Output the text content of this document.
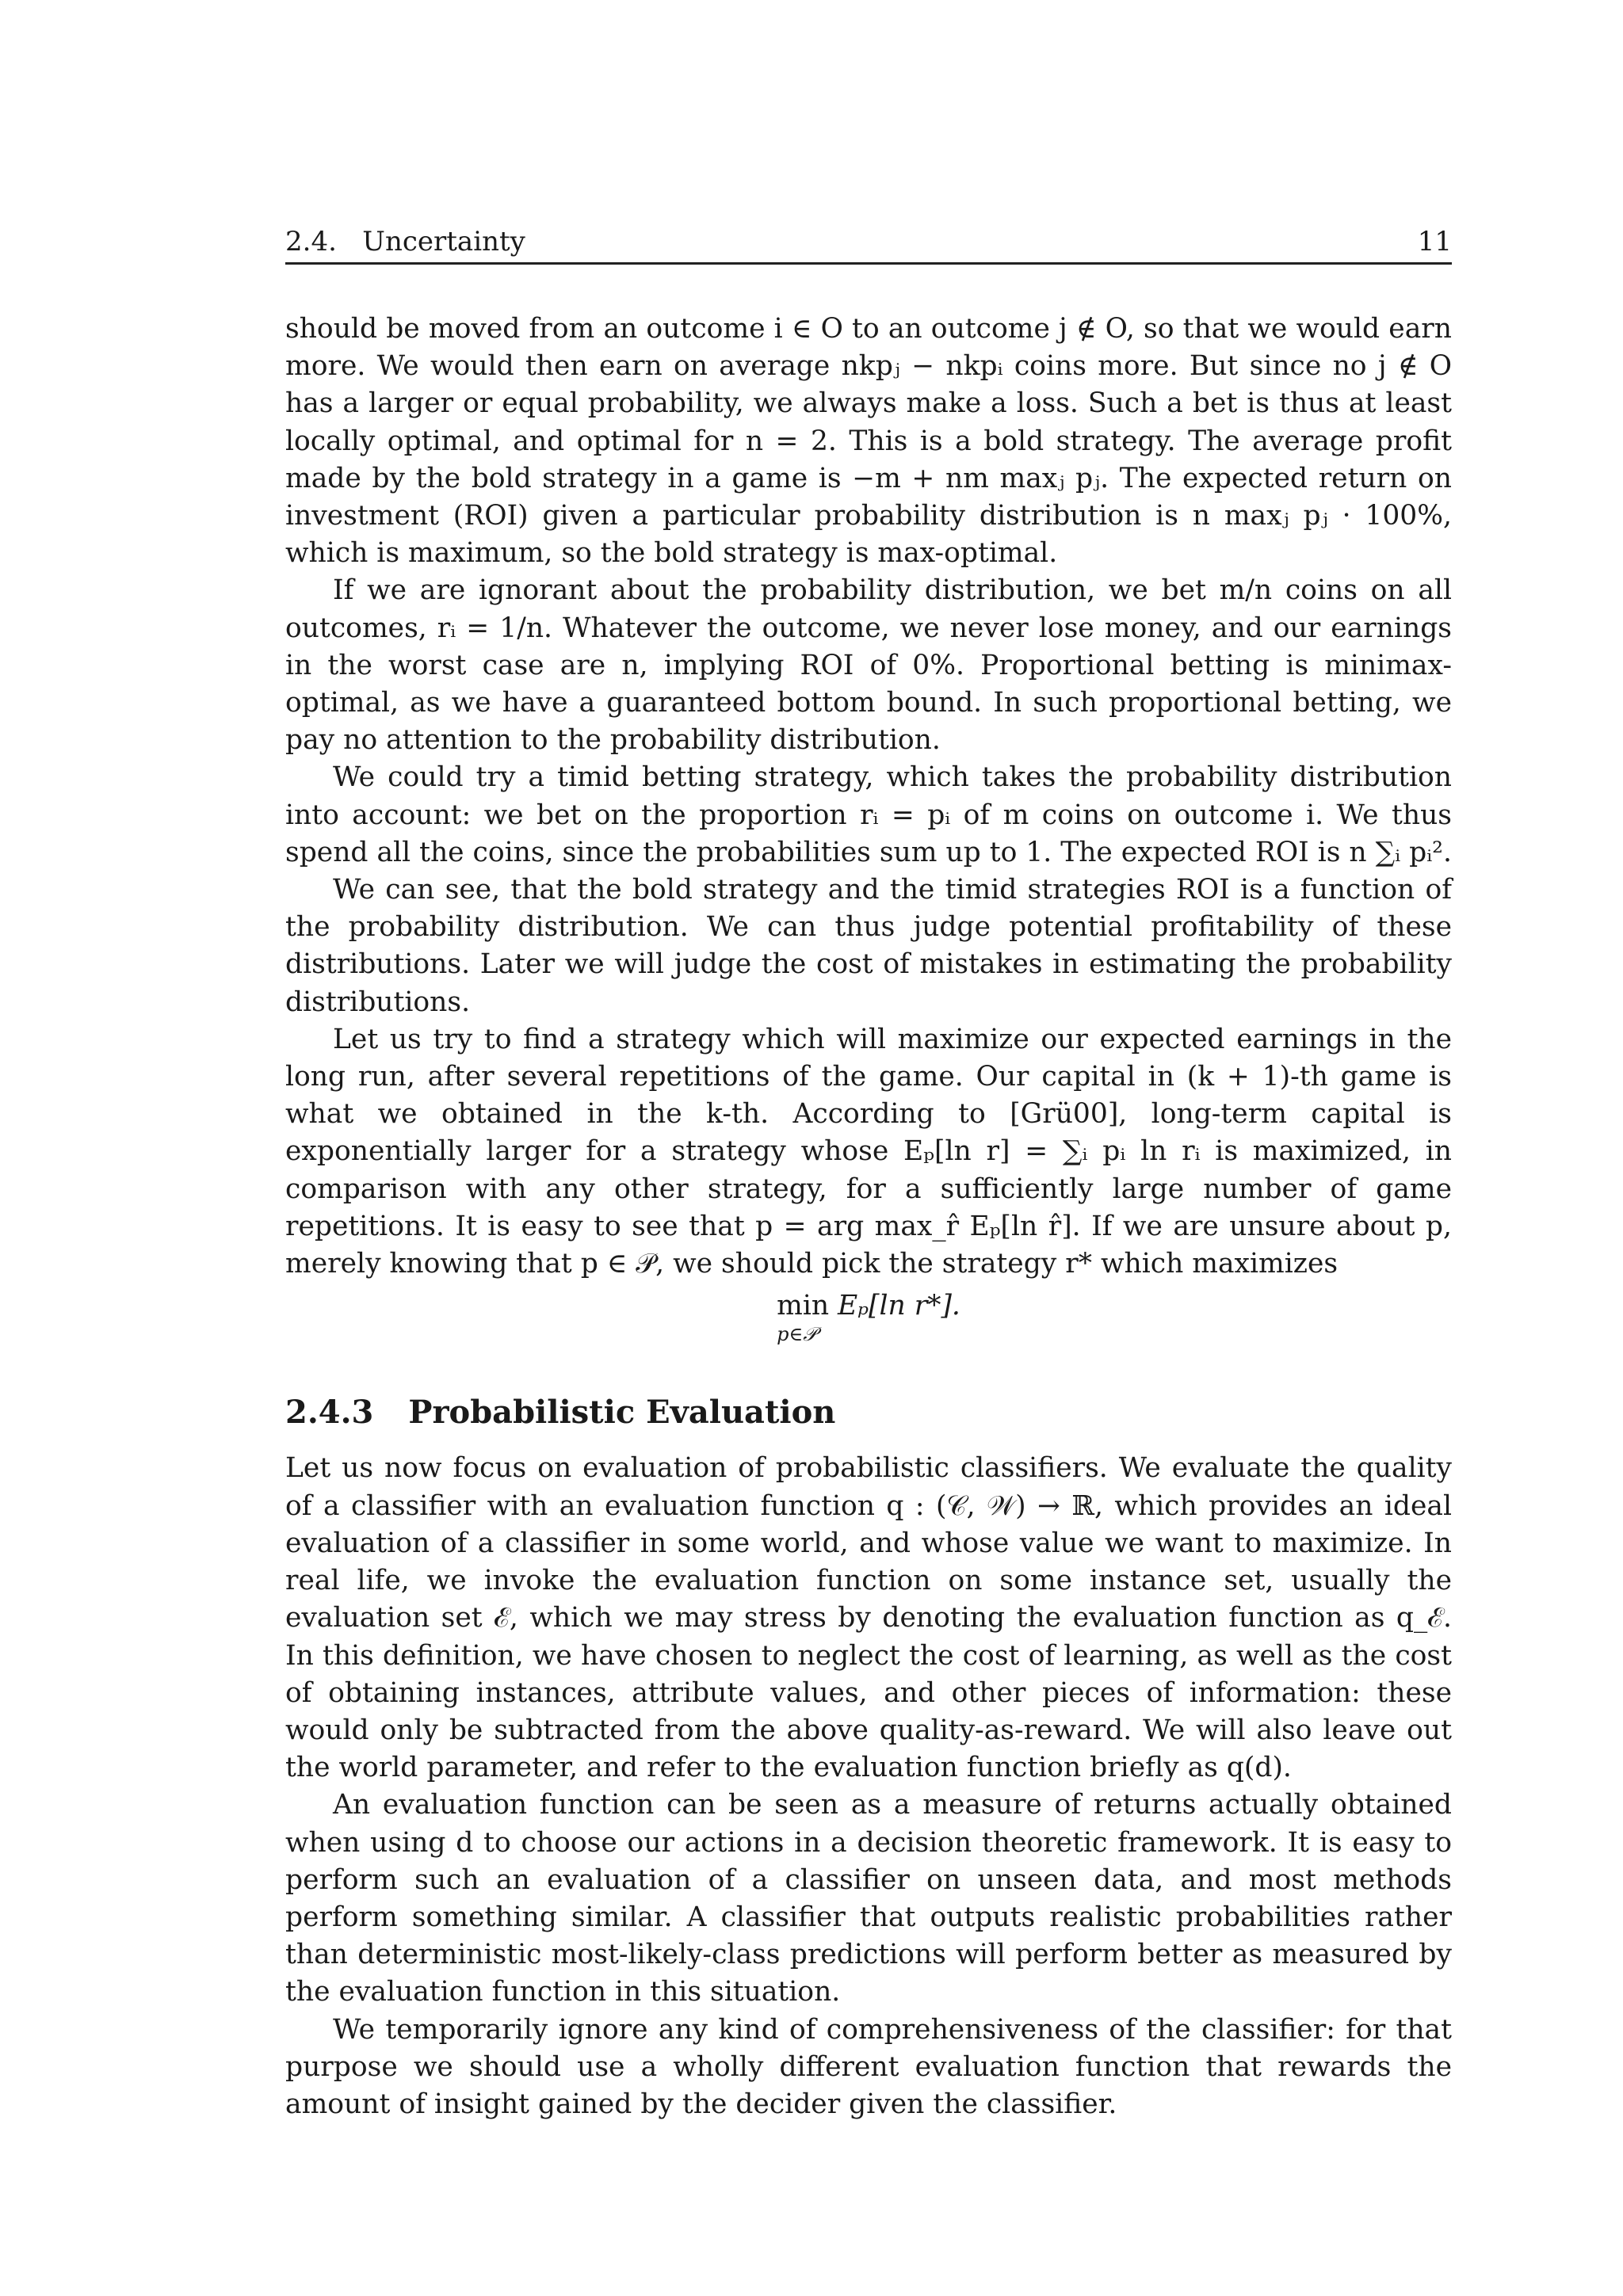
2.4.   Uncertainty	11

should be moved from an outcome i ∈ O to an outcome j ∉ O, so that we would earn more. We would then earn on average nkpⱼ − nkpᵢ coins more. But since no j ∉ O has a larger or equal probability, we always make a loss. Such a bet is thus at least locally optimal, and optimal for n = 2. This is a bold strategy. The average profit made by the bold strategy in a game is −m + nm maxⱼ pⱼ. The expected return on investment (ROI) given a particular probability distribution is n maxⱼ pⱼ · 100%, which is maximum, so the bold strategy is max-optimal.

If we are ignorant about the probability distribution, we bet m/n coins on all outcomes, rᵢ = 1/n. Whatever the outcome, we never lose money, and our earnings in the worst case are n, implying ROI of 0%. Proportional betting is minimax-optimal, as we have a guaranteed bottom bound. In such proportional betting, we pay no attention to the probability distribution.

We could try a timid betting strategy, which takes the probability distribution into account: we bet on the proportion rᵢ = pᵢ of m coins on outcome i. We thus spend all the coins, since the probabilities sum up to 1. The expected ROI is n ∑ᵢ pᵢ².

We can see, that the bold strategy and the timid strategies ROI is a function of the probability distribution. We can thus judge potential profitability of these distributions. Later we will judge the cost of mistakes in estimating the probability distributions.

Let us try to find a strategy which will maximize our expected earnings in the long run, after several repetitions of the game. Our capital in (k + 1)-th game is what we obtained in the k-th. According to [Grü00], long-term capital is exponentially larger for a strategy whose Eₚ[ln r] = ∑ᵢ pᵢ ln rᵢ is maximized, in comparison with any other strategy, for a sufficiently large number of game repetitions. It is easy to see that p = arg max_r̂ Eₚ[ln r̂]. If we are unsure about p, merely knowing that p ∈ 𝒫, we should pick the strategy r* which maximizes

min
p∈𝒫
Eₚ[ln r*].
2.4.3 Probabilistic Evaluation

Let us now focus on evaluation of probabilistic classifiers. We evaluate the quality of a classifier with an evaluation function q : (𝒞, 𝒲) → ℝ, which provides an ideal evaluation of a classifier in some world, and whose value we want to maximize. In real life, we invoke the evaluation function on some instance set, usually the evaluation set ℰ, which we may stress by denoting the evaluation function as q_ℰ. In this definition, we have chosen to neglect the cost of learning, as well as the cost of obtaining instances, attribute values, and other pieces of information: these would only be subtracted from the above quality-as-reward. We will also leave out the world parameter, and refer to the evaluation function briefly as q(d).

An evaluation function can be seen as a measure of returns actually obtained when using d to choose our actions in a decision theoretic framework. It is easy to perform such an evaluation of a classifier on unseen data, and most methods perform something similar. A classifier that outputs realistic probabilities rather than deterministic most-likely-class predictions will perform better as measured by the evaluation function in this situation.

We temporarily ignore any kind of comprehensiveness of the classifier: for that purpose we should use a wholly different evaluation function that rewards the amount of insight gained by the decider given the classifier.
